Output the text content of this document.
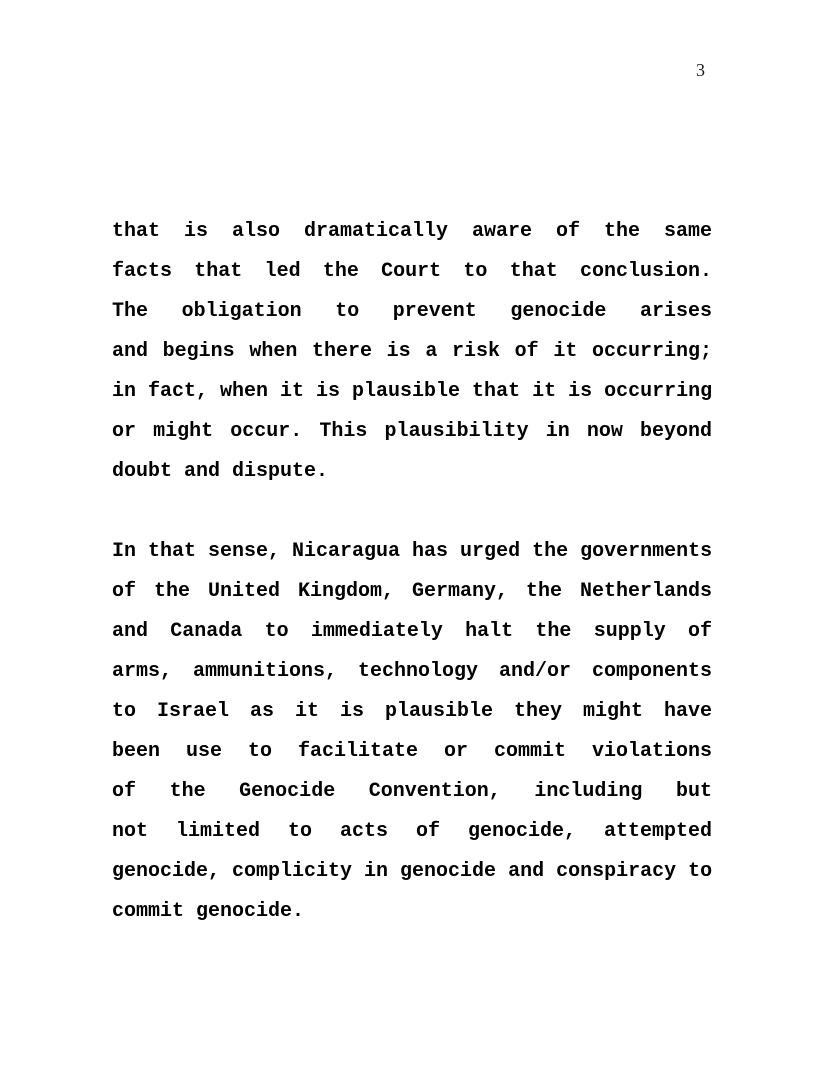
3
that is also dramatically aware of the same
facts that led the Court to that conclusion.
The obligation to prevent genocide arises
and begins when there is a risk of it occurring;
in fact, when it is plausible that it is occurring
or might occur. This plausibility in now beyond
doubt and dispute.
In that sense, Nicaragua has urged the governments
of the United Kingdom, Germany, the Netherlands
and Canada to immediately halt the supply of
arms, ammunitions, technology and/or components
to Israel as it is plausible they might have
been use to facilitate or commit violations
of the Genocide Convention, including but
not limited to acts of genocide, attempted
genocide, complicity in genocide and conspiracy to
commit genocide.
